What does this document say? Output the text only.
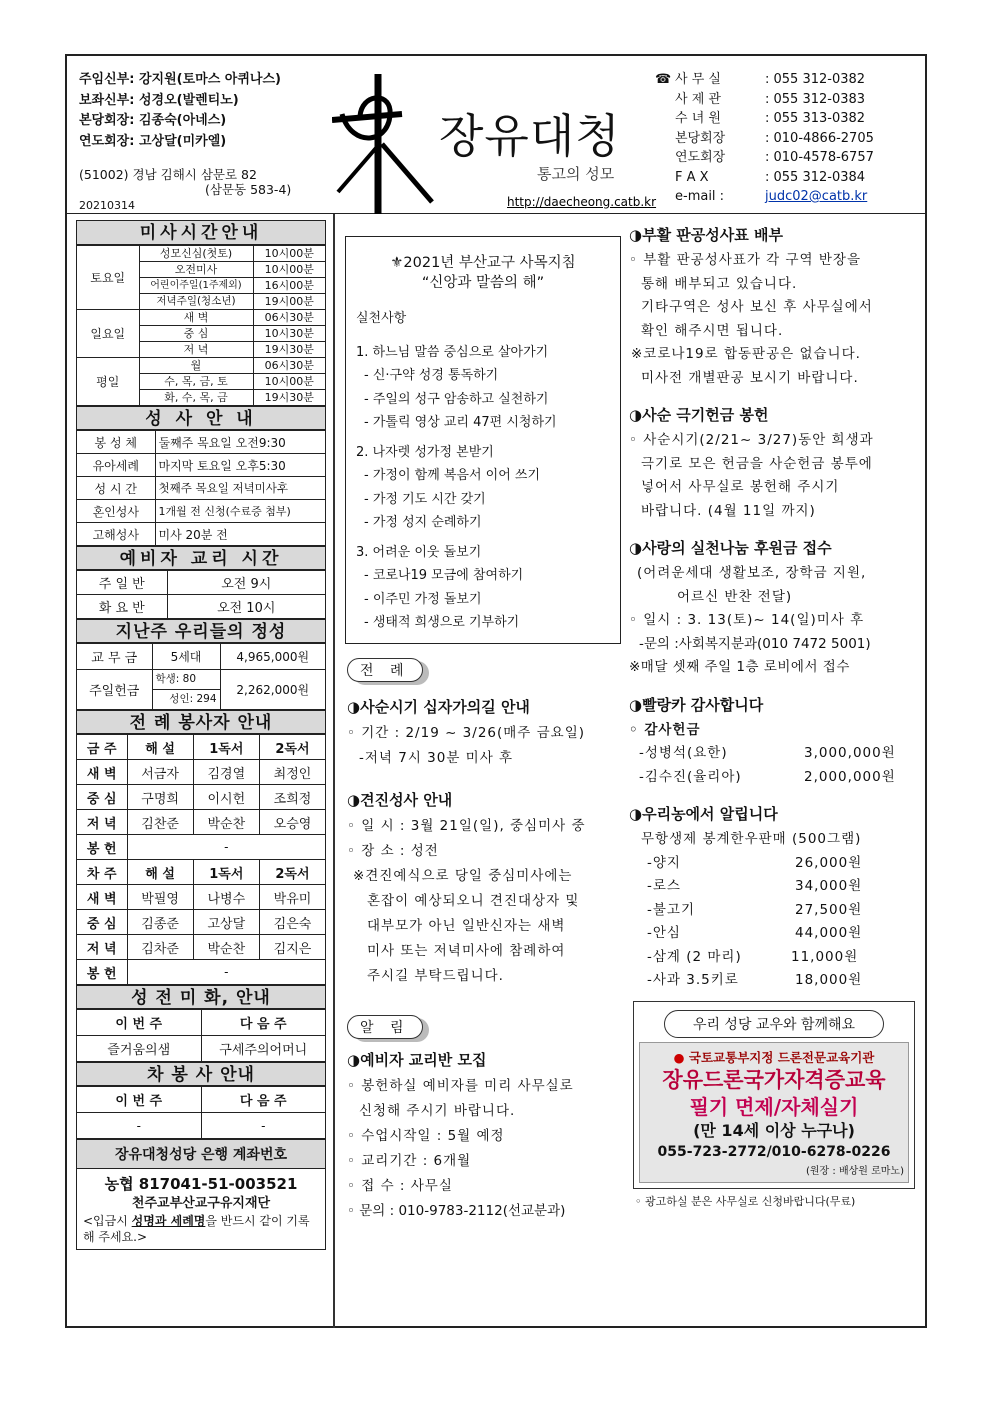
주임신부: 강지원(토마스 아퀴나스)
보좌신부: 성경오(발렌티노)
본당회장: 김종숙(아네스)
연도회장: 고상달(미카엘)
(51002) 경남 김해시 삼문로 82
(삼문동 583-4)
20210314
장유대청
통고의 성모
http://daecheong.catb.kr
☎ 사 무 실	: 055 312-0382
사 제 관	: 055 312-0383
수 녀 원	: 055 313-0382
본당회장	: 010-4866-2705
연도회장	: 010-4578-6757
F A X	: 055 312-0384
e-mail :	judc02@catb.kr
미사시간안내
토요일	성모신심(첫토)	10시00분
	오전미사	10시00분
	어린이주일(1주제외)	16시00분
	저녁주일(청소년)	19시00분
일요일	새 벽	06시30분
	중 심	10시30분
	저 녁	19시30분
평일	월	06시30분
	수, 목, 금, 토	10시00분
	화, 수, 목, 금	19시30분
성 사 안 내
봉 성 체	둘째주 목요일 오전9:30
유아세례	마지막 토요일 오후5:30
성 시 간	첫째주 목요일 저녁미사후
혼인성사	1개월 전 신청(수료증 첨부)
고해성사	미사 20분 전
예비자 교리 시간
주 일 반	오전 9시
화 요 반	오전 10시
지난주 우리들의 정성
교 무 금	5세대	4,965,000원
주일헌금	학생: 80	2,262,000원
	성인: 294	
전 례 봉사자 안내
금 주	해 설	1독서	2독서
새 벽	서금자	김경열	최정인
중 심	구명희	이시헌	조희정
저 녁	김찬준	박순찬	오승영
봉 헌	-		
차 주	해 설	1독서	2독서
새 벽	박필영	나병수	박유미
중 심	김종준	고상달	김은숙
저 녁	김차준	박순찬	김지은
봉 헌	-		
성 전 미 화, 안내
이 번 주	다 음 주
즐거움의샘	구세주의어머니
차 봉 사 안내
이 번 주	다 음 주
-	-
장유대청성당 은행 계좌번호
농협 817041-51-003521
천주교부산교구유지재단
<입금시 성명과 세례명을 반드시 같이 기록해 주세요.>
⚜2021년 부산교구 사목지침
“신앙과 말씀의 해”
실천사항
1. 하느님 말씀 중심으로 살아가기
- 신·구약 성경 통독하기
- 주일의 성구 암송하고 실천하기
- 가톨릭 영상 교리 47편 시청하기
2. 나자렛 성가정 본받기
- 가정이 함께 복음서 이어 쓰기
- 가정 기도 시간 갖기
- 가정 성지 순례하기
3. 어려운 이웃 돌보기
- 코로나19 모금에 참여하기
- 이주민 가정 돌보기
- 생태적 희생으로 기부하기
전 례
◑사순시기 십자가의길 안내
◦ 기간 : 2/19 ~ 3/26(매주 금요일)
-저녁 7시 30분 미사 후
◑견진성사 안내
◦ 일 시 : 3월 21일(일), 중심미사 중
◦ 장 소 : 성전
※견진예식으로 당일 중심미사에는
혼잡이 예상되오니 견진대상자 및
대부모가 아닌 일반신자는 새벽
미사 또는 저녁미사에 참례하여
주시길 부탁드립니다.
알 림
◑예비자 교리반 모집
◦ 봉헌하실 예비자를 미리 사무실로
신청해 주시기 바랍니다.
◦ 수업시작일 : 5월 예정
◦ 교리기간 : 6개월
◦ 접 수 : 사무실
◦ 문의 : 010-9783-2112(선교분과)
◑부활 판공성사표 배부
◦ 부활 판공성사표가 각 구역 반장을
통해 배부되고 있습니다.
기타구역은 성사 보신 후 사무실에서
확인 해주시면 됩니다.
※코로나19로 합동판공은 없습니다.
미사전 개별판공 보시기 바랍니다.
◑사순 극기헌금 봉헌
◦ 사순시기(2/21~ 3/27)동안 희생과
극기로 모은 헌금을 사순헌금 봉투에
넣어서 사무실로 봉헌해 주시기
바랍니다. (4월 11일 까지)
◑사랑의 실천나눔 후원금 접수
(어려운세대 생활보조, 장학금 지원,
어르신 반찬 전달)
◦ 일시 : 3. 13(토)~ 14(일)미사 후
-문의 :사회복지분과(010 7472 5001)
※매달 셋째 주일 1층 로비에서 접수
◑빨랑카 감사합니다
◦ 감사헌금
-성병석(요한)	3,000,000원
-김수진(율리아)	2,000,000원
◑우리농에서 알립니다
무항생제 봉계한우판매 (500그램)
-양지	26,000원
-로스	34,000원
-불고기	27,500원
-안심	44,000원
-삼계 (2 마리)	11,000원
-사과 3.5키로	18,000원
우리 성당 교우와 함께해요
● 국토교통부지정 드론전문교육기관
장유드론국가자격증교육
필기 면제/자체실기
(만 14세 이상 누구나)
055-723-2772/010-6278-0226
(원장 : 배상원 로마노)
◦ 광고하실 분은 사무실로 신청바랍니다(무료)
